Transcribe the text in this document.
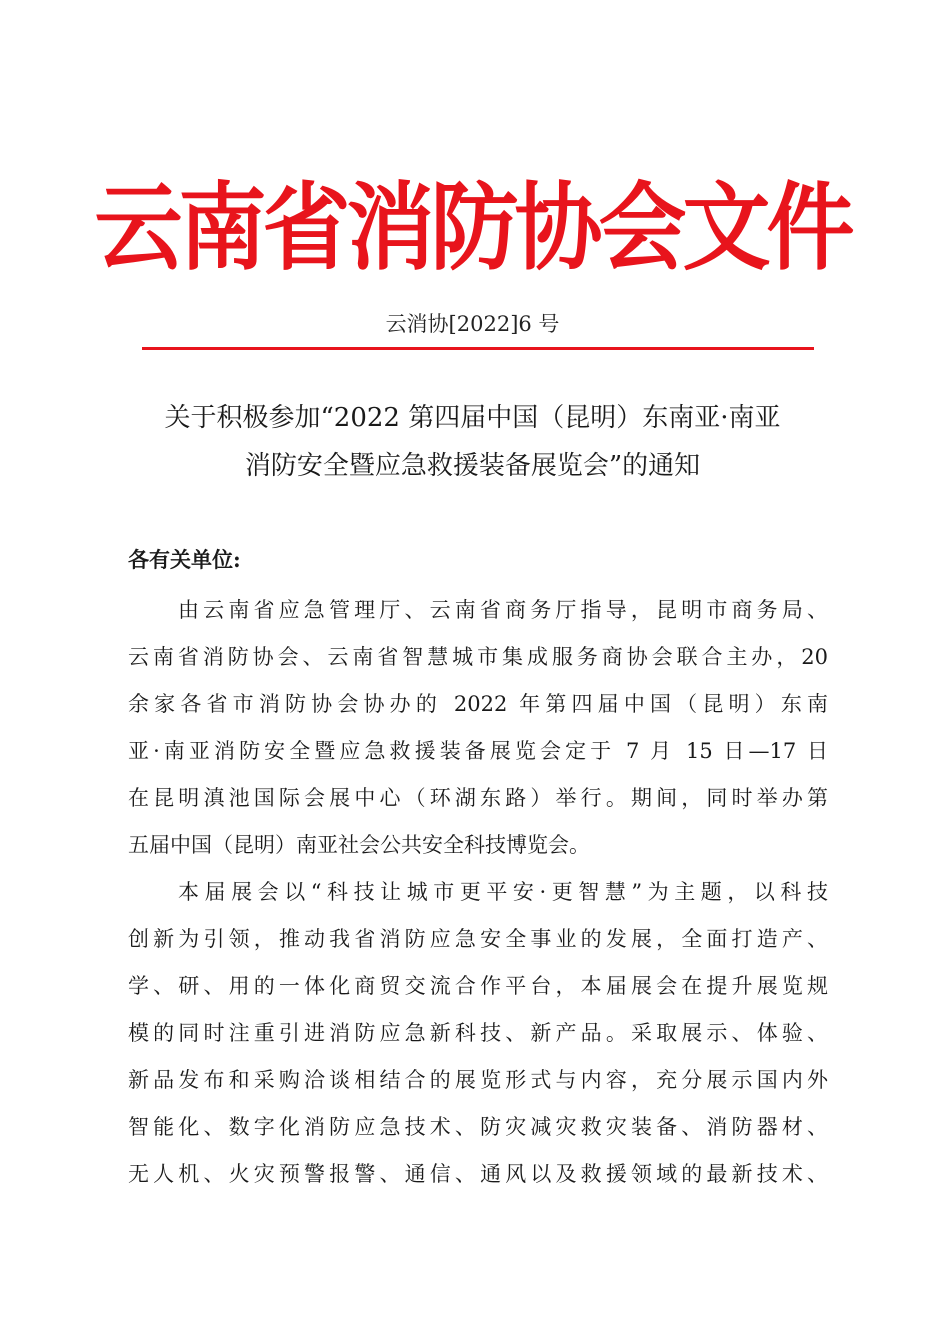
云南省消防协会文件
云消协[2022]6 号
关于积极参加“2022 第四届中国（昆明）东南亚·南亚
消防安全暨应急救援装备展览会”的通知
各有关单位:
由云南省应急管理厅、云南省商务厅指导，昆明市商务局、
云南省消防协会、云南省智慧城市集成服务商协会联合主办，20
余家各省市消防协会协办的 2022 年第四届中国（昆明）东南
亚·南亚消防安全暨应急救援装备展览会定于 7 月 15 日—17 日
在昆明滇池国际会展中心（环湖东路）举行。期间，同时举办第
五届中国（昆明）南亚社会公共安全科技博览会。
本届展会以“科技让城市更平安·更智慧”为主题，以科技
创新为引领，推动我省消防应急安全事业的发展，全面打造产、
学、研、用的一体化商贸交流合作平台，本届展会在提升展览规
模的同时注重引进消防应急新科技、新产品。采取展示、体验、
新品发布和采购洽谈相结合的展览形式与内容，充分展示国内外
智能化、数字化消防应急技术、防灾减灾救灾装备、消防器材、
无人机、火灾预警报警、通信、通风以及救援领域的最新技术、
